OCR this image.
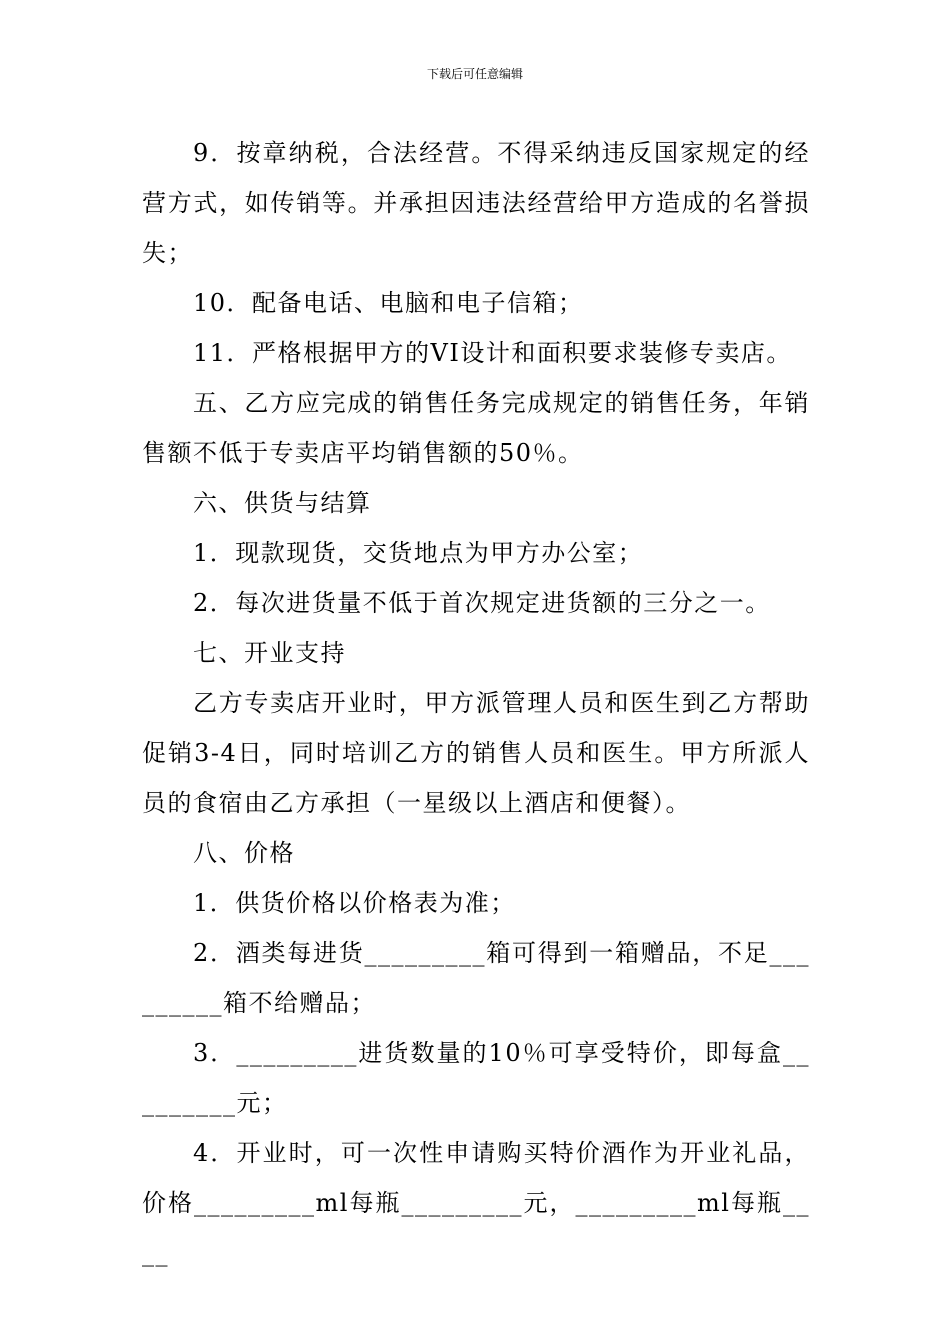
下载后可任意编辑

9．按章纳税，合法经营。不得采纳违反国家规定的经营方式，如传销等。并承担因违法经营给甲方造成的名誉损失；

10．配备电话、电脑和电子信箱；

11．严格根据甲方的VI设计和面积要求装修专卖店。

五、乙方应完成的销售任务完成规定的销售任务，年销售额不低于专卖店平均销售额的50％。

六、供货与结算

1．现款现货，交货地点为甲方办公室；

2．每次进货量不低于首次规定进货额的三分之一。

七、开业支持

乙方专卖店开业时，甲方派管理人员和医生到乙方帮助促销3-4日，同时培训乙方的销售人员和医生。甲方所派人员的食宿由乙方承担（一星级以上酒店和便餐）。

八、价格

1．供货价格以价格表为准；

2．酒类每进货_________箱可得到一箱赠品，不足_________箱不给赠品；

3．_________进货数量的10％可享受特价，即每盒_________元；

4．开业时，可一次性申请购买特价酒作为开业礼品，价格_________ml每瓶_________元，_________ml每瓶____
